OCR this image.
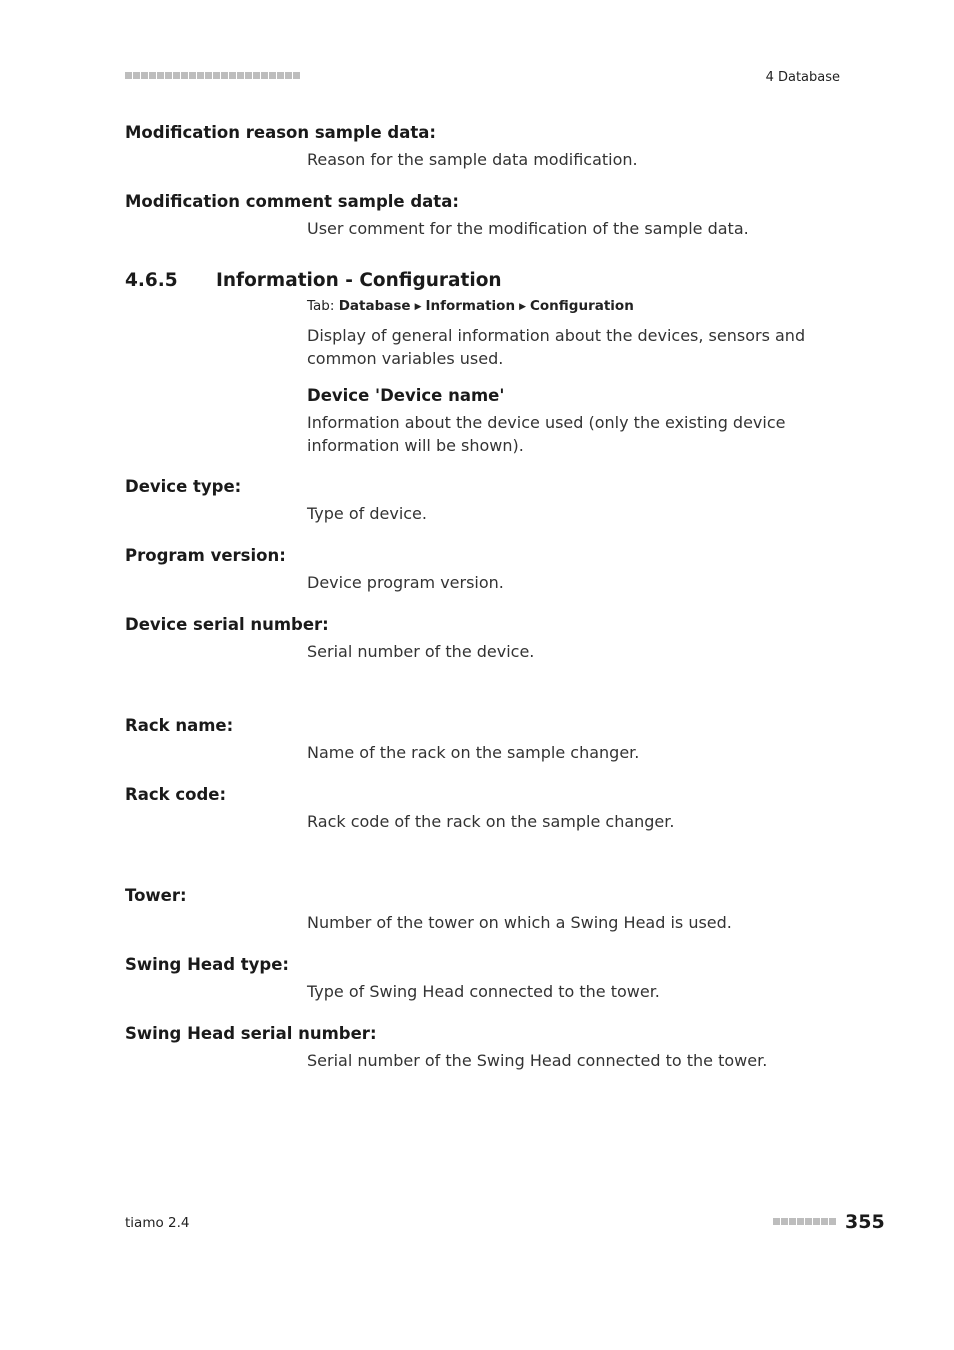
4 Database
Modification reason sample data:
Reason for the sample data modification.
Modification comment sample data:
User comment for the modification of the sample data.
4.6.5 Information - Configuration
Tab: Database ▶ Information ▶ Configuration
Display of general information about the devices, sensors and common variables used.
Device 'Device name'
Information about the device used (only the existing device information will be shown).
Device type:
Type of device.
Program version:
Device program version.
Device serial number:
Serial number of the device.
Rack name:
Name of the rack on the sample changer.
Rack code:
Rack code of the rack on the sample changer.
Tower:
Number of the tower on which a Swing Head is used.
Swing Head type:
Type of Swing Head connected to the tower.
Swing Head serial number:
Serial number of the Swing Head connected to the tower.
tiamo 2.4	355
